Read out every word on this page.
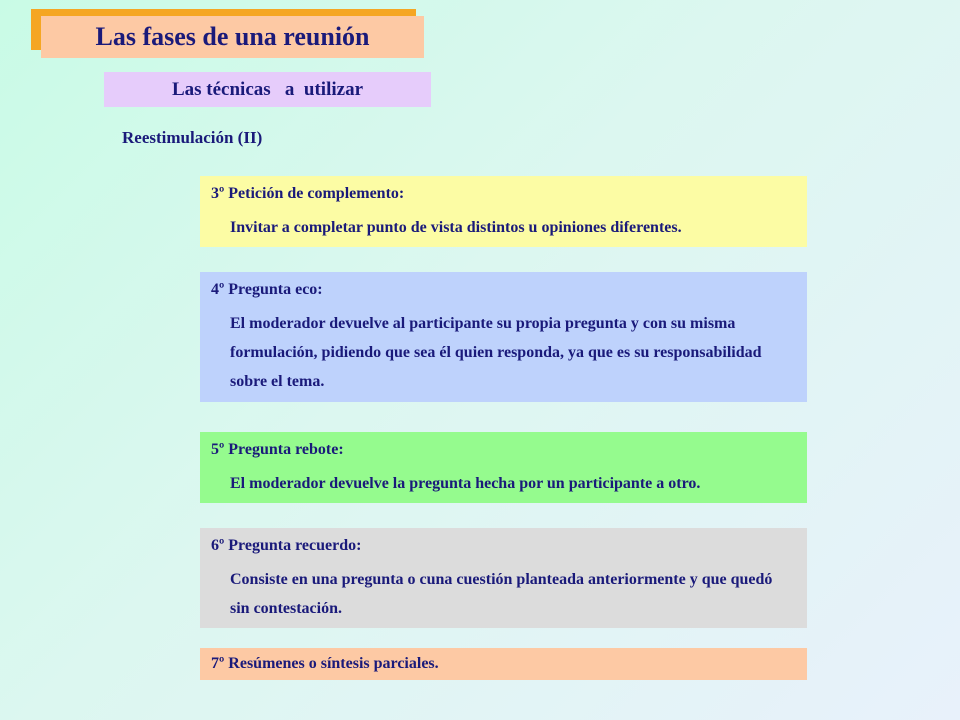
Las fases de una reunión
Las técnicas   a  utilizar
Reestimulación (II)
3º Petición de complemento:
Invitar a completar punto de vista distintos u opiniones diferentes.
4º Pregunta eco:
El moderador devuelve al participante su propia pregunta y con su misma formulación, pidiendo que sea él quien responda, ya que es su responsabilidad sobre el tema.
5º Pregunta rebote:
El moderador devuelve la pregunta hecha por un participante a otro.
6º Pregunta recuerdo:
Consiste en una pregunta o cuna cuestión planteada anteriormente y que quedó sin contestación.
7º Resúmenes o síntesis parciales.
